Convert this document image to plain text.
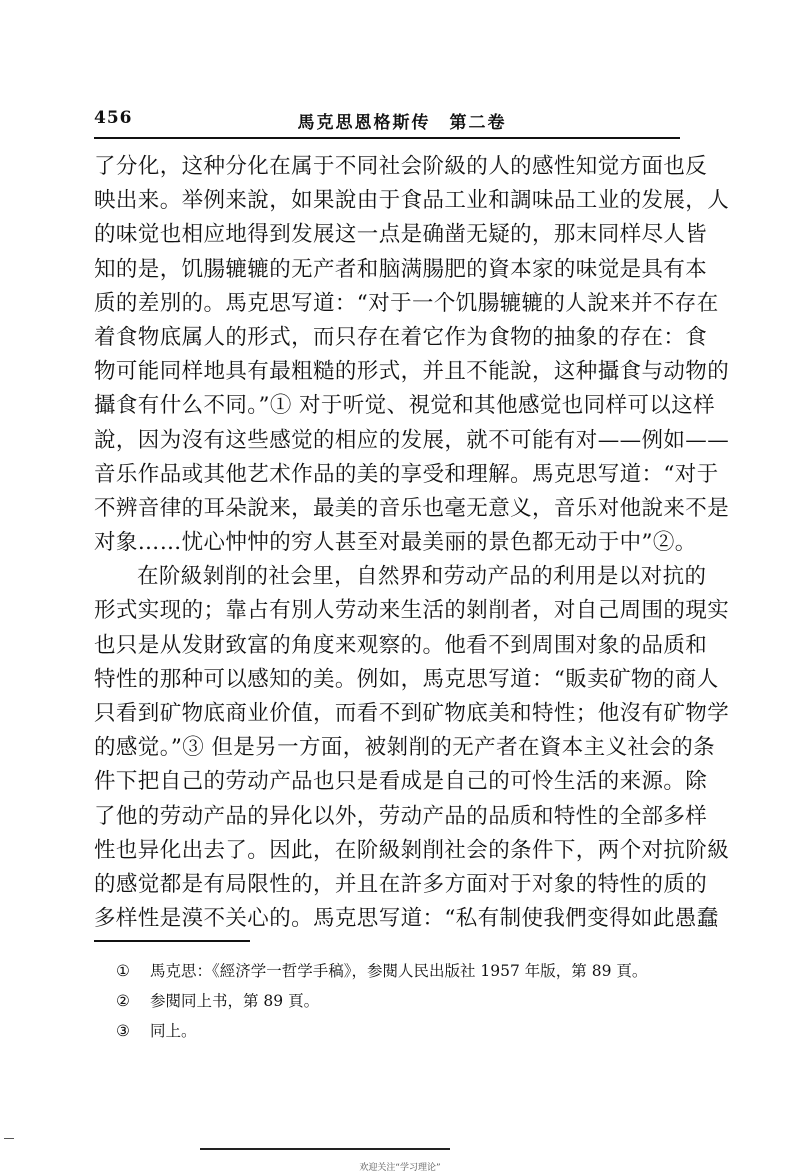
456	馬克思恩格斯传　第二卷
了分化，这种分化在属于不同社会阶級的人的感性知觉方面也反
映出来。举例来說，如果說由于食品工业和調味品工业的发展，人
的味觉也相应地得到发展这一点是确凿无疑的，那末同样尽人皆
知的是，饥腸辘辘的无产者和脑满腸肥的資本家的味觉是具有本
质的差別的。馬克思写道：“对于一个饥腸辘辘的人說来并不存在
着食物底属人的形式，而只存在着它作为食物的抽象的存在：食
物可能同样地具有最粗糙的形式，并且不能說，这种攝食与动物的
攝食有什么不同。”① 对于听觉、視觉和其他感觉也同样可以这样
說，因为沒有这些感觉的相应的发展，就不可能有对——例如——
音乐作品或其他艺术作品的美的享受和理解。馬克思写道：“对于
不辨音律的耳朵說来，最美的音乐也毫无意义，音乐对他說来不是
对象……忧心忡忡的穷人甚至对最美丽的景色都无动于中”②。
在阶級剝削的社会里，自然界和劳动产品的利用是以对抗的
形式实现的；靠占有別人劳动来生活的剝削者，对自己周围的現实
也只是从发財致富的角度来观察的。他看不到周围对象的品质和
特性的那种可以感知的美。例如，馬克思写道：“販卖矿物的商人
只看到矿物底商业价值，而看不到矿物底美和特性；他沒有矿物学
的感觉。”③ 但是另一方面，被剝削的无产者在資本主义社会的条
件下把自己的劳动产品也只是看成是自己的可怜生活的来源。除
了他的劳动产品的异化以外，劳动产品的品质和特性的全部多样
性也异化出去了。因此，在阶級剝削社会的条件下，两个对抗阶級
的感觉都是有局限性的，并且在許多方面对于对象的特性的质的
多样性是漠不关心的。馬克思写道：“私有制使我們变得如此愚蠢
① 馬克思：《經济学一哲学手稿》，参閱人民出版社 1957 年版，第 89 頁。
② 参閱同上书，第 89 頁。
③ 同上。
欢迎关注“学习理论”
